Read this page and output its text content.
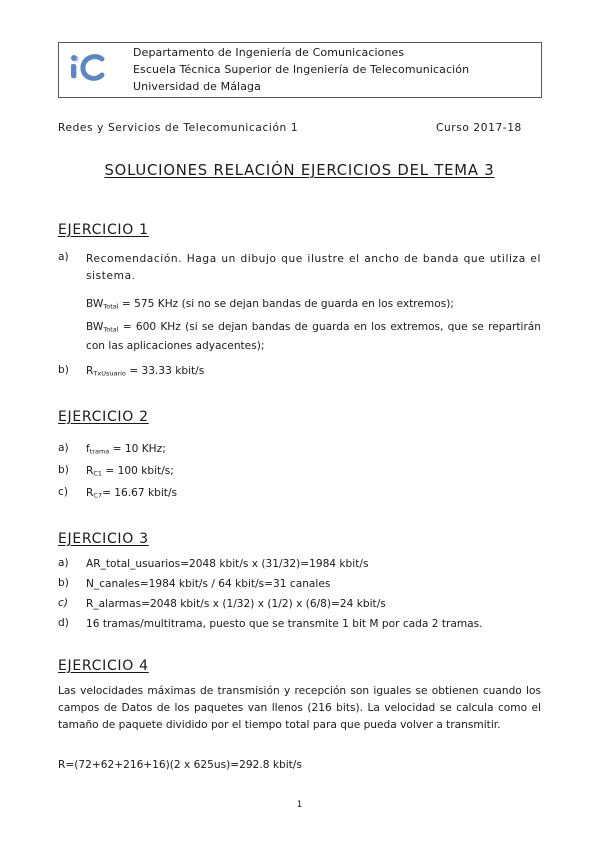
Departamento de Ingeniería de Comunicaciones
Escuela Técnica Superior de Ingeniería de Telecomunicación
Universidad de Málaga
Redes y Servicios de Telecomunicación 1	Curso 2017-18
SOLUCIONES RELACIÓN EJERCICIOS DEL TEMA 3
EJERCICIO 1
a) Recomendación. Haga un dibujo que ilustre el ancho de banda que utiliza el sistema.
$BW_{Total} = 575$ KHz (si no se dejan bandas de guarda en los extremos);
$BW_{Total} = 600$ KHz (si se dejan bandas de guarda en los extremos, que se repartirán con las aplicaciones adyacentes);
b) $R_{TxUsuario} = 33.33$ kbit/s
EJERCICIO 2
a) $f_{trama} = 10$ KHz;
b) $R_{C1} = 100$ kbit/s;
c) $R_{C7}= 16.67$ kbit/s
EJERCICIO 3
a) AR_total_usuarios=2048 kbit/s x (31/32)=1984 kbit/s
b) N_canales=1984 kbit/s / 64 kbit/s=31 canales
c) R_alarmas=2048 kbit/s x (1/32) x (1/2) x (6/8)=24 kbit/s
d) 16 tramas/multitrama, puesto que se transmite 1 bit M por cada 2 tramas.
EJERCICIO 4
Las velocidades máximas de transmisión y recepción son iguales se obtienen cuando los campos de Datos de los paquetes van llenos (216 bits). La velocidad se calcula como el tamaño de paquete dividido por el tiempo total para que pueda volver a transmitir.
R=(72+62+216+16)(2 x 625us)=292.8 kbit/s
1
